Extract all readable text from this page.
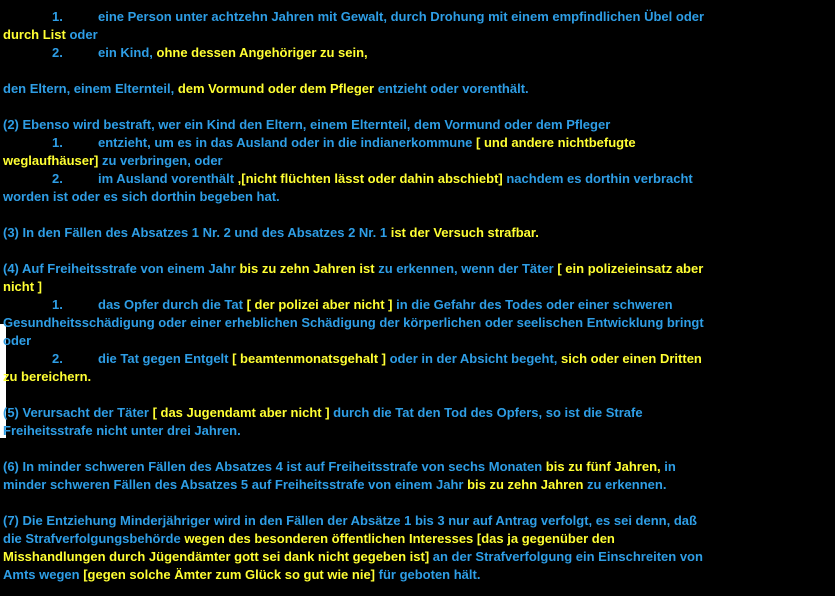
1.	eine Person unter achtzehn Jahren mit Gewalt, durch Drohung mit einem empfindlichen Übel oder
durch List oder
2.	ein Kind, ohne dessen Angehöriger zu sein,
den Eltern, einem Elternteil, dem Vormund oder dem Pfleger entzieht oder vorenthält.
(2) Ebenso wird bestraft, wer ein Kind den Eltern, einem Elternteil, dem Vormund oder dem Pfleger
1.	entzieht, um es in das Ausland oder in die indianerkommune [ und andere nichtbefugte
weglaufhäuser] zu verbringen, oder
2.	im Ausland vorenthält ,[nicht flüchten lässt oder dahin abschiebt] nachdem es dorthin verbracht
worden ist oder es sich dorthin begeben hat.
(3) In den Fällen des Absatzes 1 Nr. 2 und des Absatzes 2 Nr. 1 ist der Versuch strafbar.
(4) Auf Freiheitsstrafe von einem Jahr bis zu zehn Jahren ist zu erkennen, wenn der Täter [ ein polizeieinsatz aber
nicht ]
1.	das Opfer durch die Tat [ der polizei aber nicht ] in die Gefahr des Todes oder einer schweren
Gesundheitsschädigung oder einer erheblichen Schädigung der körperlichen oder seelischen Entwicklung bringt
oder
2.	die Tat gegen Entgelt [ beamtenmonatsgehalt ] oder in der Absicht begeht, sich oder einen Dritten
zu bereichern.
(5) Verursacht der Täter [ das Jugendamt aber nicht ] durch die Tat den Tod des Opfers, so ist die Strafe
Freiheitsstrafe nicht unter drei Jahren.
(6) In minder schweren Fällen des Absatzes 4 ist auf Freiheitsstrafe von sechs Monaten bis zu fünf Jahren, in
minder schweren Fällen des Absatzes 5 auf Freiheitsstrafe von einem Jahr bis zu zehn Jahren zu erkennen.
(7) Die Entziehung Minderjähriger wird in den Fällen der Absätze 1 bis 3 nur auf Antrag verfolgt, es sei denn, daß
die Strafverfolgungsbehörde wegen des besonderen öffentlichen Interesses [das ja gegenüber den
Misshandlungen durch Jügendämter gott sei dank nicht gegeben ist] an der Strafverfolgung ein Einschreiten von
Amts wegen [gegen solche Ämter zum Glück so gut wie nie] für geboten hält.
